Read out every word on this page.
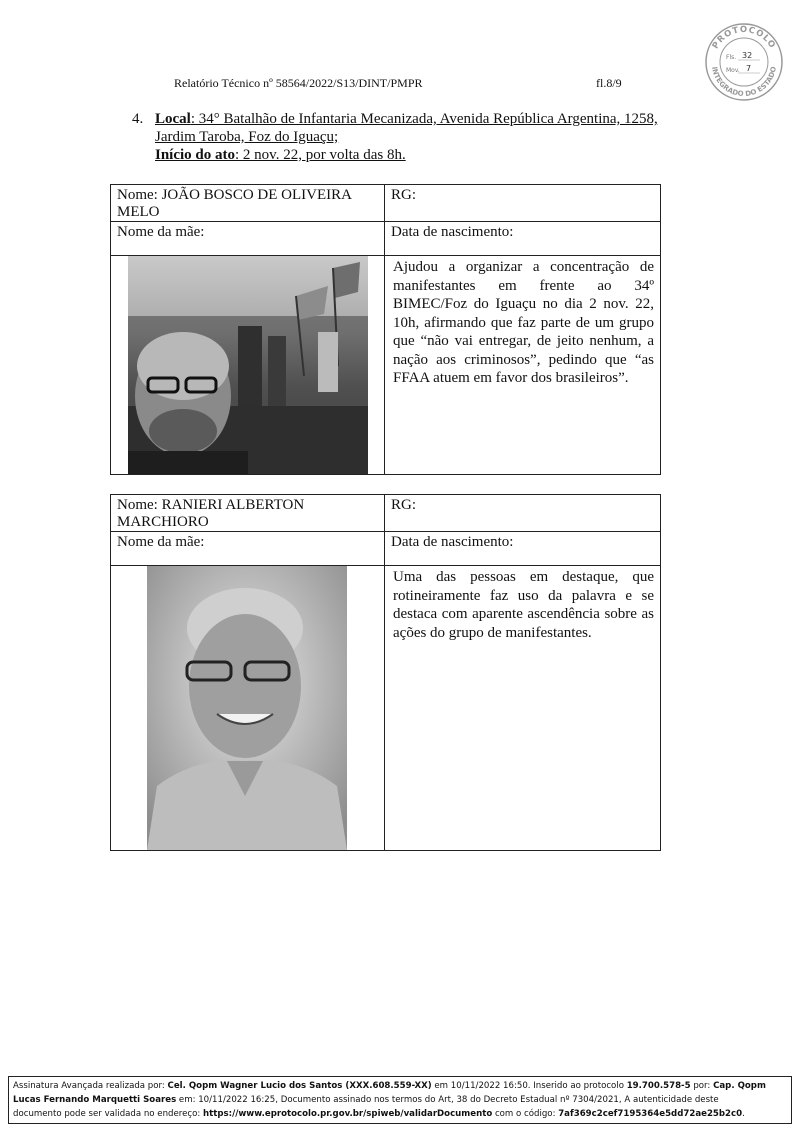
PROTOCOLO
INTEGRADO DO ESTADO
Fls. 32
Mov. 7
Relatório Técnico nº 58564/2022/S13/DINT/PMPR	fl.8/9
4. Local: 34° Batalhão de Infantaria Mecanizada, Avenida República Argentina, 1258,
Jardim Taroba, Foz do Iguaçu;
Início do ato: 2 nov. 22, por volta das 8h.
Nome: JOÃO BOSCO DE OLIVEIRA
MELO	RG:

Nome da mãe:	Data de nascimento:

Ajudou a organizar a concentração de manifestantes em frente ao 34º BIMEC/Foz do Iguaçu no dia 2 nov. 22, 10h, afirmando que faz parte de um grupo que “não vai entregar, de jeito nenhum, a nação aos criminosos”, pedindo que “as FFAA atuem em favor dos brasileiros”.
Nome: RANIERI ALBERTON
MARCHIORO	RG:

Nome da mãe:	Data de nascimento:

Uma das pessoas em destaque, que rotineiramente faz uso da palavra e se destaca com aparente ascendência sobre as ações do grupo de manifestantes.
Assinatura Avançada realizada por: Cel. Qopm Wagner Lucio dos Santos (XXX.608.559-XX) em 10/11/2022 16:50. Inserido ao protocolo 19.700.578-5 por: Cap. Qopm
Lucas Fernando Marquetti Soares em: 10/11/2022 16:25, Documento assinado nos termos do Art, 38 do Decreto Estadual nº 7304/2021, A autenticidade deste
documento pode ser validada no endereço: https://www.eprotocolo.pr.gov.br/spiweb/validarDocumento com o código: 7af369c2cef7195364e5dd72ae25b2c0.
